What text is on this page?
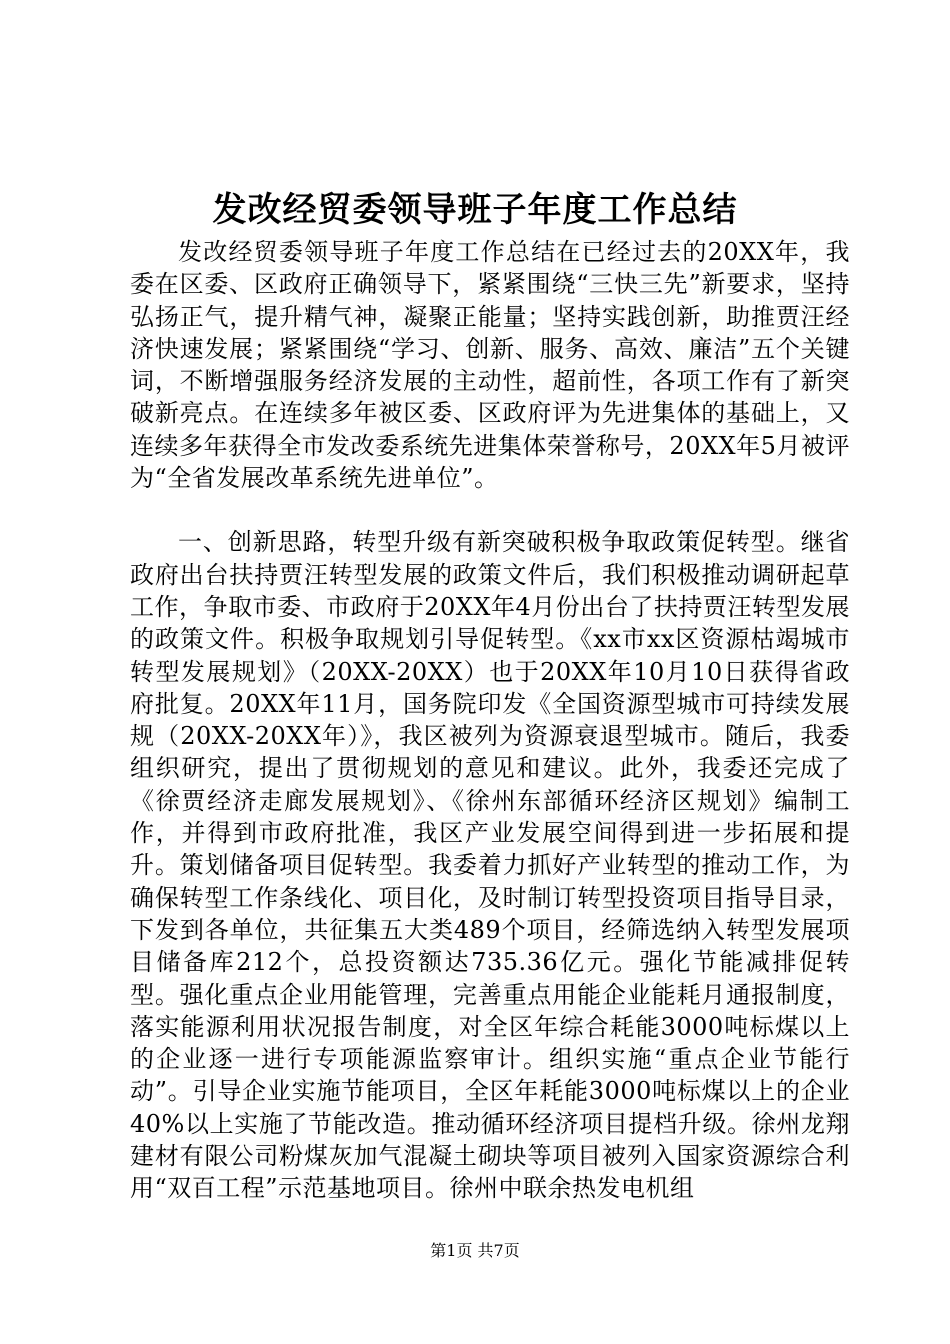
发改经贸委领导班子年度工作总结

发改经贸委领导班子年度工作总结在已经过去的20XX年，我委在区委、区政府正确领导下，紧紧围绕“三快三先”新要求，坚持弘扬正气，提升精气神，凝聚正能量；坚持实践创新，助推贾汪经济快速发展；紧紧围绕“学习、创新、服务、高效、廉洁”五个关键词，不断增强服务经济发展的主动性，超前性，各项工作有了新突破新亮点。在连续多年被区委、区政府评为先进集体的基础上，又连续多年获得全市发改委系统先进集体荣誉称号，20XX年5月被评为“全省发展改革系统先进单位”。

一、创新思路，转型升级有新突破积极争取政策促转型。继省政府出台扶持贾汪转型发展的政策文件后，我们积极推动调研起草工作，争取市委、市政府于20XX年4月份出台了扶持贾汪转型发展的政策文件。积极争取规划引导促转型。《xx市xx区资源枯竭城市转型发展规划》（20XX-20XX）也于20XX年10月10日获得省政府批复。20XX年11月，国务院印发《全国资源型城市可持续发展规（20XX-20XX年）》，我区被列为资源衰退型城市。随后，我委组织研究，提出了贯彻规划的意见和建议。此外，我委还完成了《徐贾经济走廊发展规划》、《徐州东部循环经济区规划》编制工作，并得到市政府批准，我区产业发展空间得到进一步拓展和提升。策划储备项目促转型。我委着力抓好产业转型的推动工作，为确保转型工作条线化、项目化，及时制订转型投资项目指导目录，下发到各单位，共征集五大类489个项目，经筛选纳入转型发展项目储备库212个，总投资额达735.36亿元。强化节能减排促转型。强化重点企业用能管理，完善重点用能企业能耗月通报制度，落实能源利用状况报告制度，对全区年综合耗能3000吨标煤以上的企业逐一进行专项能源监察审计。组织实施“重点企业节能行动”。引导企业实施节能项目，全区年耗能3000吨标煤以上的企业40%以上实施了节能改造。推动循环经济项目提档升级。徐州龙翔建材有限公司粉煤灰加气混凝土砌块等项目被列入国家资源综合利用“双百工程”示范基地项目。徐州中联余热发电机组

第1页 共7页
